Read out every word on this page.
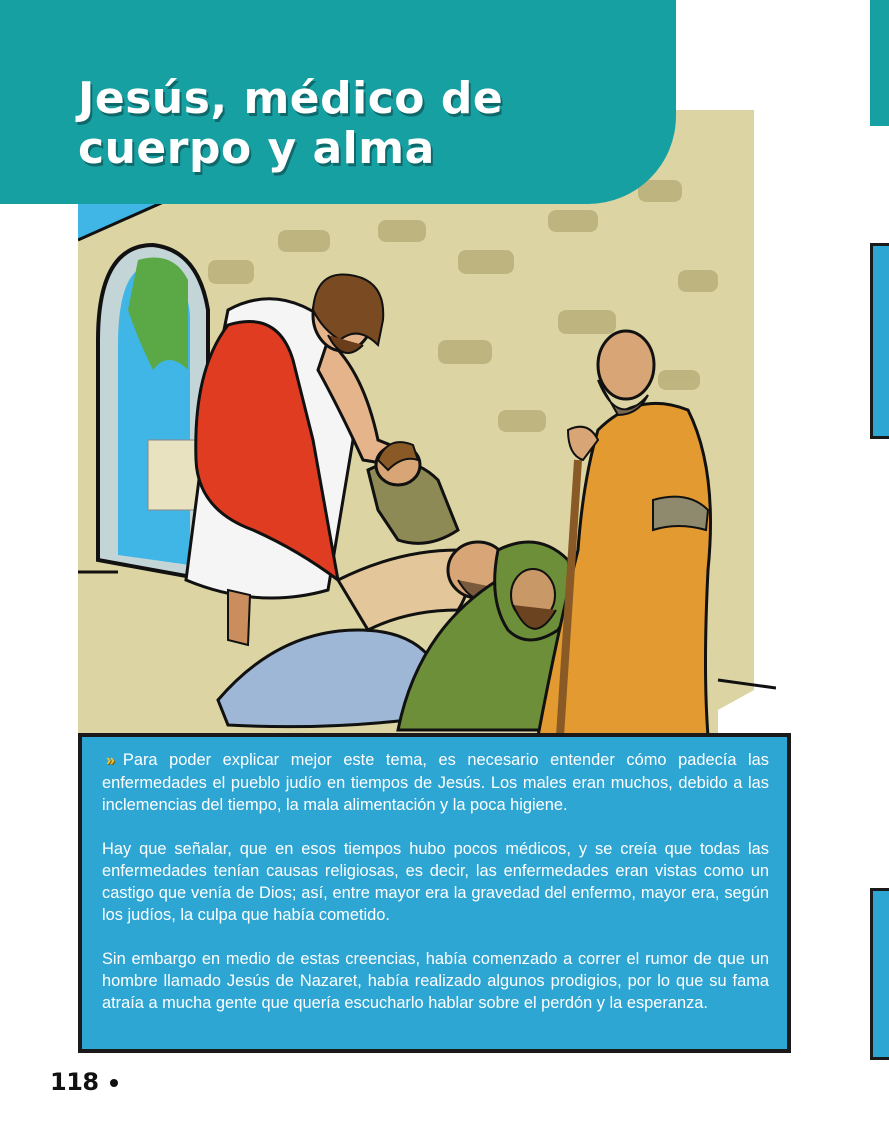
Jesús, médico de
cuerpo y alma

» Para poder explicar mejor este tema, es necesario entender cómo padecía las enfermedades el pueblo judío en tiempos de Jesús. Los males eran muchos, debido a las inclemencias del tiempo, la mala alimentación y la poca higiene.

Hay que señalar, que en esos tiempos hubo pocos médicos, y se creía que todas las enfermedades tenían causas religiosas, es decir, las enfermedades eran vistas como un castigo que venía de Dios; así, entre mayor era la gravedad del enfermo, mayor era, según los judíos, la culpa que había cometido.

Sin embargo en medio de estas creencias, había comenzado a correr el rumor de que un hombre llamado Jesús de Nazaret, había realizado algunos prodigios, por lo que su fama atraía a mucha gente que quería escucharlo hablar sobre el perdón y la esperanza.

118
